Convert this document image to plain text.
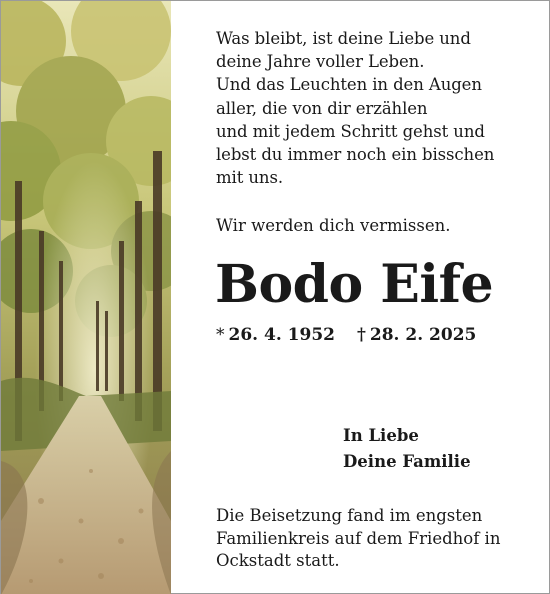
Was bleibt, ist deine Liebe und
deine Jahre voller Leben.
Und das Leuchten in den Augen
aller, die von dir erzählen
und mit jedem Schritt gehst und
lebst du immer noch ein bisschen
mit uns.
Wir werden dich vermissen.
Bodo Eife
* 26. 4. 1952 † 28. 2. 2025
In Liebe
Deine Familie
Die Beisetzung fand im engsten
Familienkreis auf dem Friedhof in
Ockstadt statt.
